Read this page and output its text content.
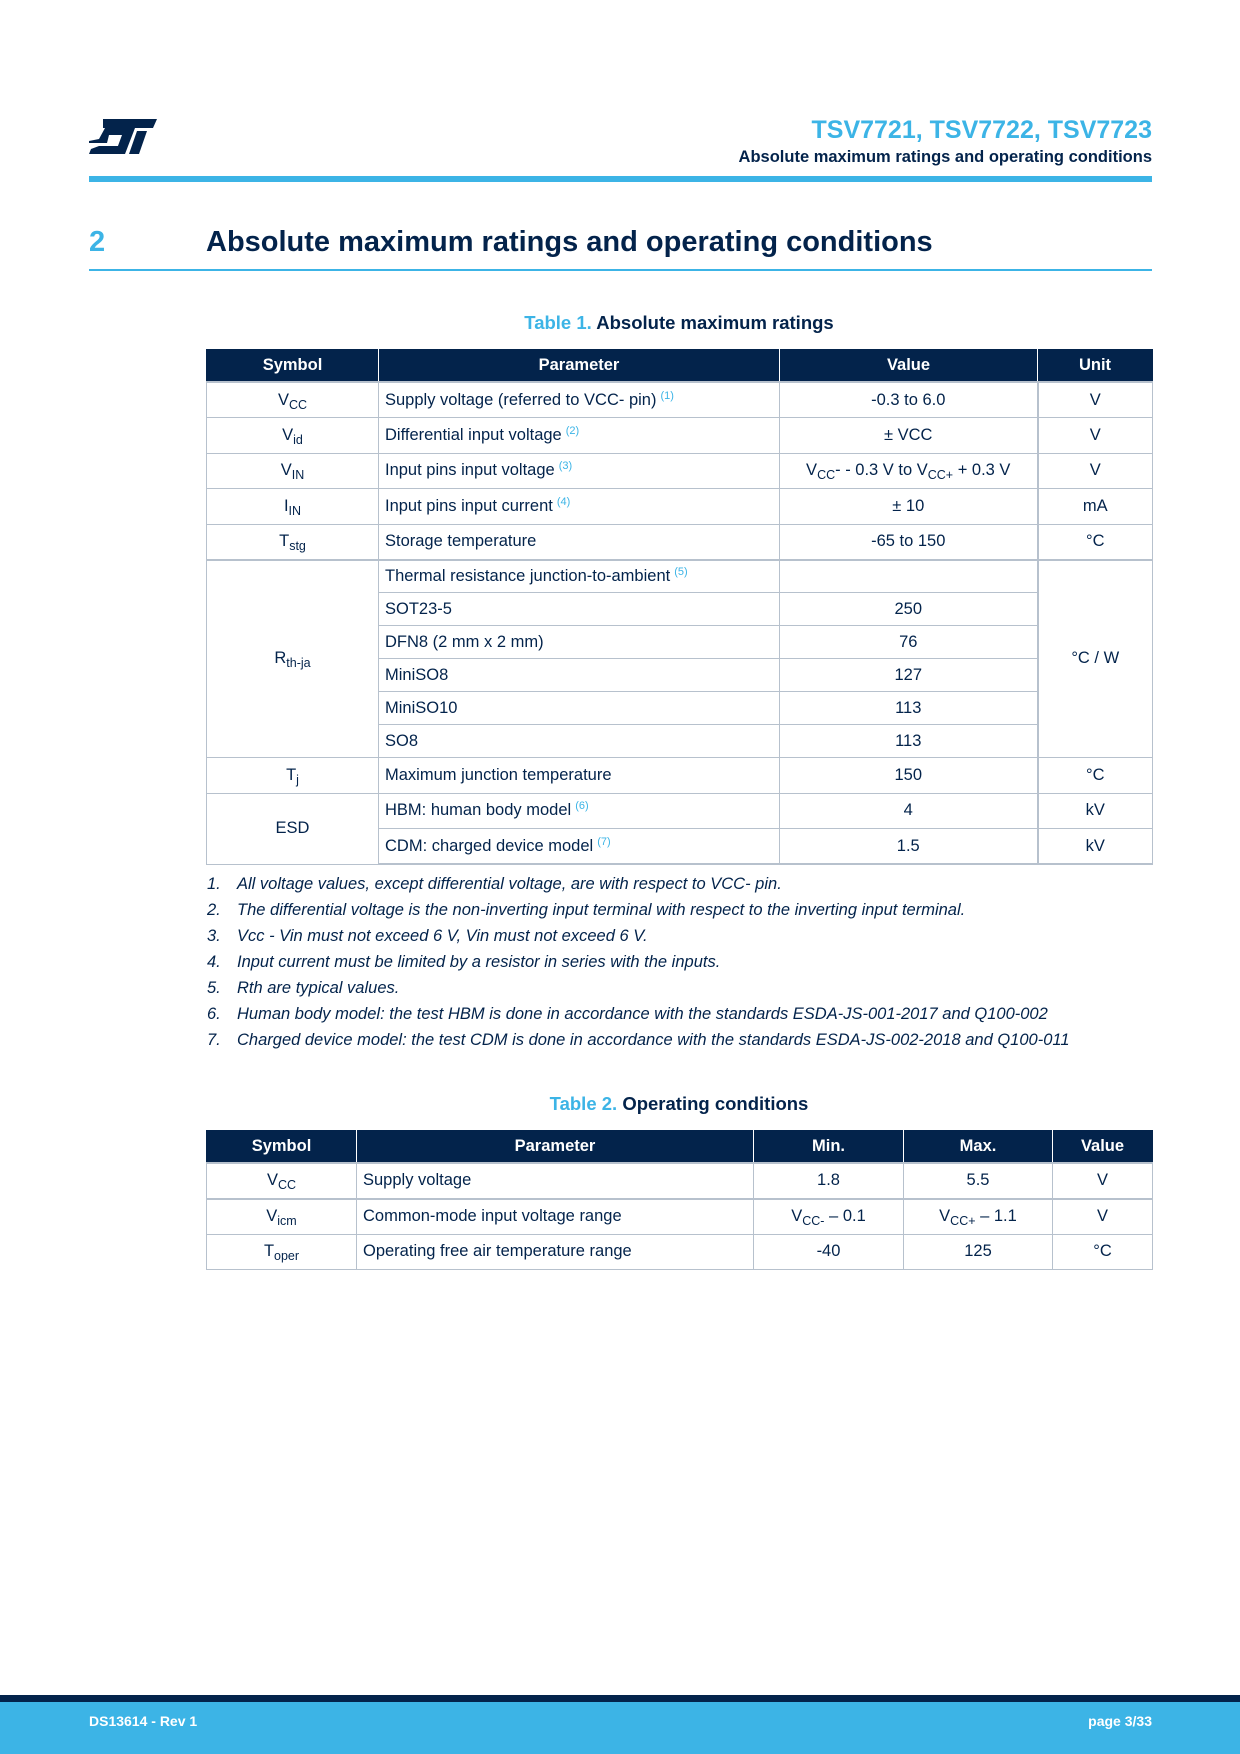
TSV7721, TSV7722, TSV7723
Absolute maximum ratings and operating conditions
2	Absolute maximum ratings and operating conditions
Table 1. Absolute maximum ratings
Symbol	Parameter	Value	Unit
$V_{CC}$	Supply voltage (referred to VCC- pin) $^{(1)}$	-0.3 to 6.0	V
$V_{id}$	Differential input voltage $^{(2)}$	± VCC	V
$V_{IN}$	Input pins input voltage $^{(3)}$	$V_{CC}- - 0.3$ V to $V_{CC+} + 0.3$ V	V
$I_{IN}$	Input pins input current $^{(4)}$	± 10	mA
$T_{stg}$	Storage temperature	-65 to 150	°C
$R_{th-ja}$	Thermal resistance junction-to-ambient $^{(5)}$		°C / W
	SOT23-5	250	
	DFN8 (2 mm x 2 mm)	76	
	MiniSO8	127	
	MiniSO10	113	
	SO8	113	
$T_j$	Maximum junction temperature	150	°C
ESD	HBM: human body model $^{(6)}$	4	kV
	CDM: charged device model $^{(7)}$	1.5	kV
1. All voltage values, except differential voltage, are with respect to VCC- pin.
2. The differential voltage is the non-inverting input terminal with respect to the inverting input terminal.
3. Vcc - Vin must not exceed 6 V, Vin must not exceed 6 V.
4. Input current must be limited by a resistor in series with the inputs.
5. Rth are typical values.
6. Human body model: the test HBM is done in accordance with the standards ESDA-JS-001-2017 and Q100-002
7. Charged device model: the test CDM is done in accordance with the standards ESDA-JS-002-2018 and Q100-011
Table 2. Operating conditions
Symbol	Parameter	Min.	Max.	Value
$V_{CC}$	Supply voltage	1.8	5.5	V
$V_{icm}$	Common-mode input voltage range	$V_{CC-} - 0.1$	$V_{CC+} - 1.1$	V
$T_{oper}$	Operating free air temperature range	-40	125	°C
DS13614 - Rev 1	page 3/33
